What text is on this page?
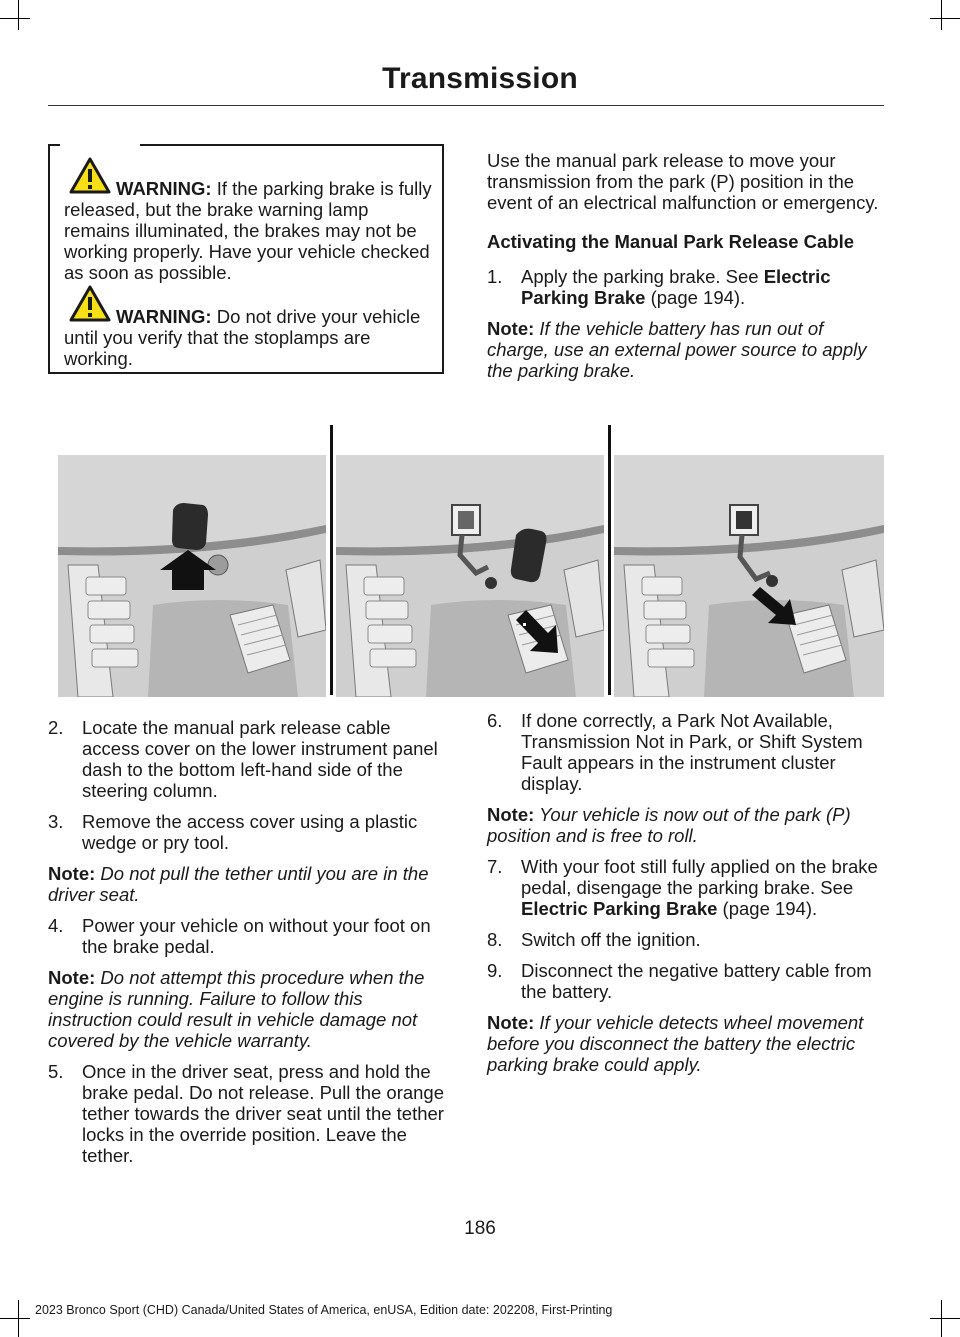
Transmission

WARNING: If the parking brake is fully released, but the brake warning lamp remains illuminated, the brakes may not be working properly. Have your vehicle checked as soon as possible.

WARNING: Do not drive your vehicle until you verify that the stoplamps are working.

Use the manual park release to move your transmission from the park (P) position in the event of an electrical malfunction or emergency.

Activating the Manual Park Release Cable

1. Apply the parking brake. See Electric Parking Brake (page 194).

Note: If the vehicle battery has run out of charge, use an external power source to apply the parking brake.

2. Locate the manual park release cable access cover on the lower instrument panel dash to the bottom left-hand side of the steering column.
3. Remove the access cover using a plastic wedge or pry tool.

Note: Do not pull the tether until you are in the driver seat.

4. Power your vehicle on without your foot on the brake pedal.

Note: Do not attempt this procedure when the engine is running. Failure to follow this instruction could result in vehicle damage not covered by the vehicle warranty.

5. Once in the driver seat, press and hold the brake pedal. Do not release. Pull the orange tether towards the driver seat until the tether locks in the override position. Leave the tether.
6. If done correctly, a Park Not Available, Transmission Not in Park, or Shift System Fault appears in the instrument cluster display.

Note: Your vehicle is now out of the park (P) position and is free to roll.

7. With your foot still fully applied on the brake pedal, disengage the parking brake. See Electric Parking Brake (page 194).
8. Switch off the ignition.
9. Disconnect the negative battery cable from the battery.

Note: If your vehicle detects wheel movement before you disconnect the battery the electric parking brake could apply.

186
2023 Bronco Sport (CHD) Canada/United States of America, enUSA, Edition date: 202208, First-Printing
